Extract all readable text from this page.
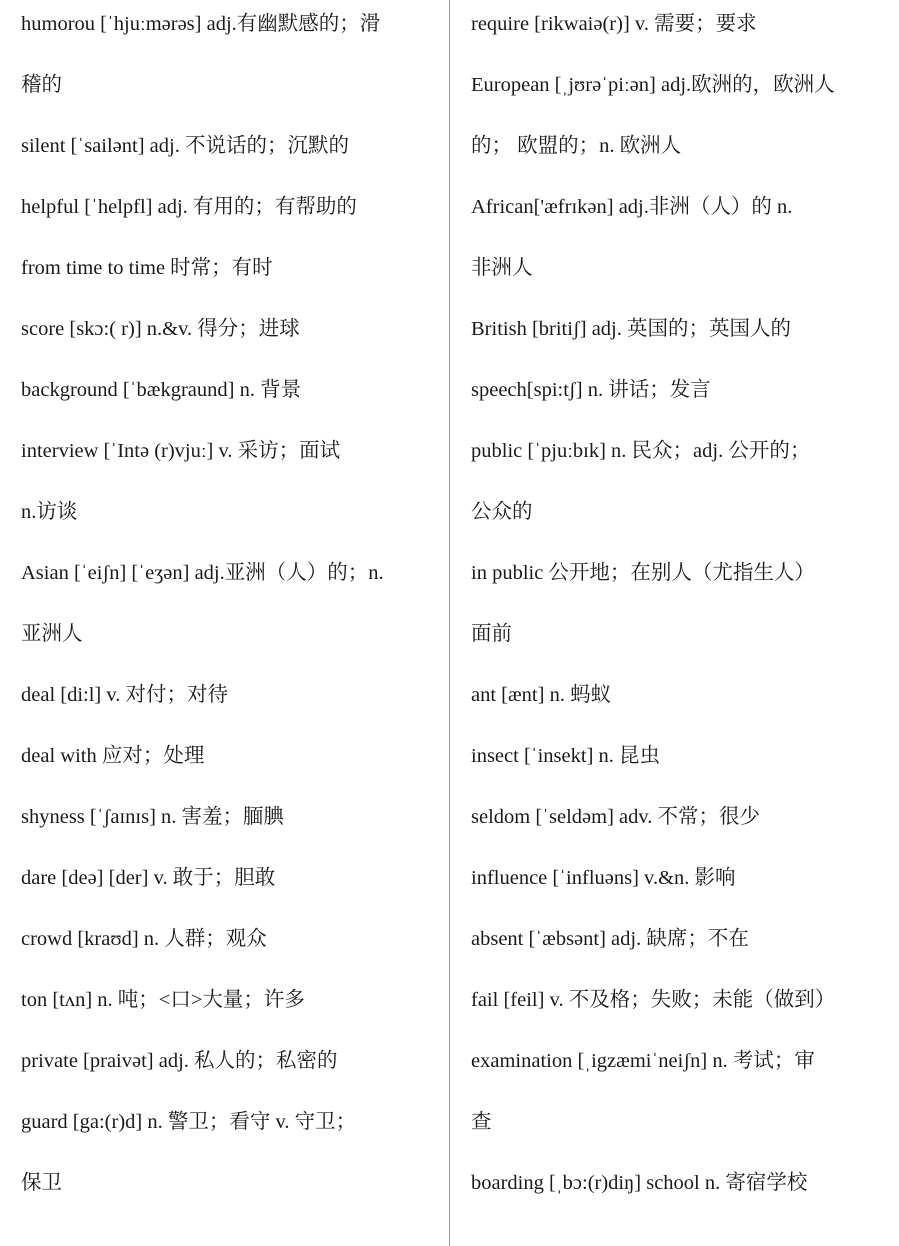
humorou [ˈhjuːmərəs] adj.有幽默感的；滑
稽的
silent [ˈsailənt] adj. 不说话的；沉默的
helpful [ˈhelpfl] adj. 有用的；有帮助的
from time to time 时常；有时
score [skɔ:( r)] n.&v. 得分；进球
background [ˈbækgraund] n. 背景
interview [ˈIntə (r)vjuː] v. 采访；面试
n.访谈
Asian [ˈeiʃn] [ˈeʒən] adj.亚洲（人）的；n.
亚洲人
deal [di:l] v. 对付；对待
deal with 应对；处理
shyness [ˈʃaɪnɪs] n. 害羞；腼腆
dare [deə] [der] v. 敢于；胆敢
crowd [kraʊd] n. 人群；观众
ton [tʌn] n. 吨；<口>大量；许多
private [praivət] adj. 私人的；私密的
guard [ga:(r)d] n. 警卫；看守 v. 守卫；
保卫
require [rikwaiə(r)] v. 需要；要求
European [ˌjʊrəˈpiːən] adj.欧洲的，欧洲人
的； 欧盟的；n. 欧洲人
African['æfrɪkən] adj.非洲（人）的 n.
非洲人
British [britiʃ] adj. 英国的；英国人的
speech[spi:tʃ] n. 讲话；发言
public [ˈpjuːbɪk] n. 民众；adj. 公开的；
公众的
in public 公开地；在别人（尤指生人）
面前
ant [ænt] n. 蚂蚁
insect [ˈinsekt] n. 昆虫
seldom [ˈseldəm] adv. 不常；很少
influence [ˈinfluəns] v.&n. 影响
absent [ˈæbsənt] adj. 缺席；不在
fail [feil] v. 不及格；失败；未能（做到）
examination [ˌigzæmiˈneiʃn] n. 考试；审
查
boarding [ˌbɔ:(r)diŋ] school n. 寄宿学校
